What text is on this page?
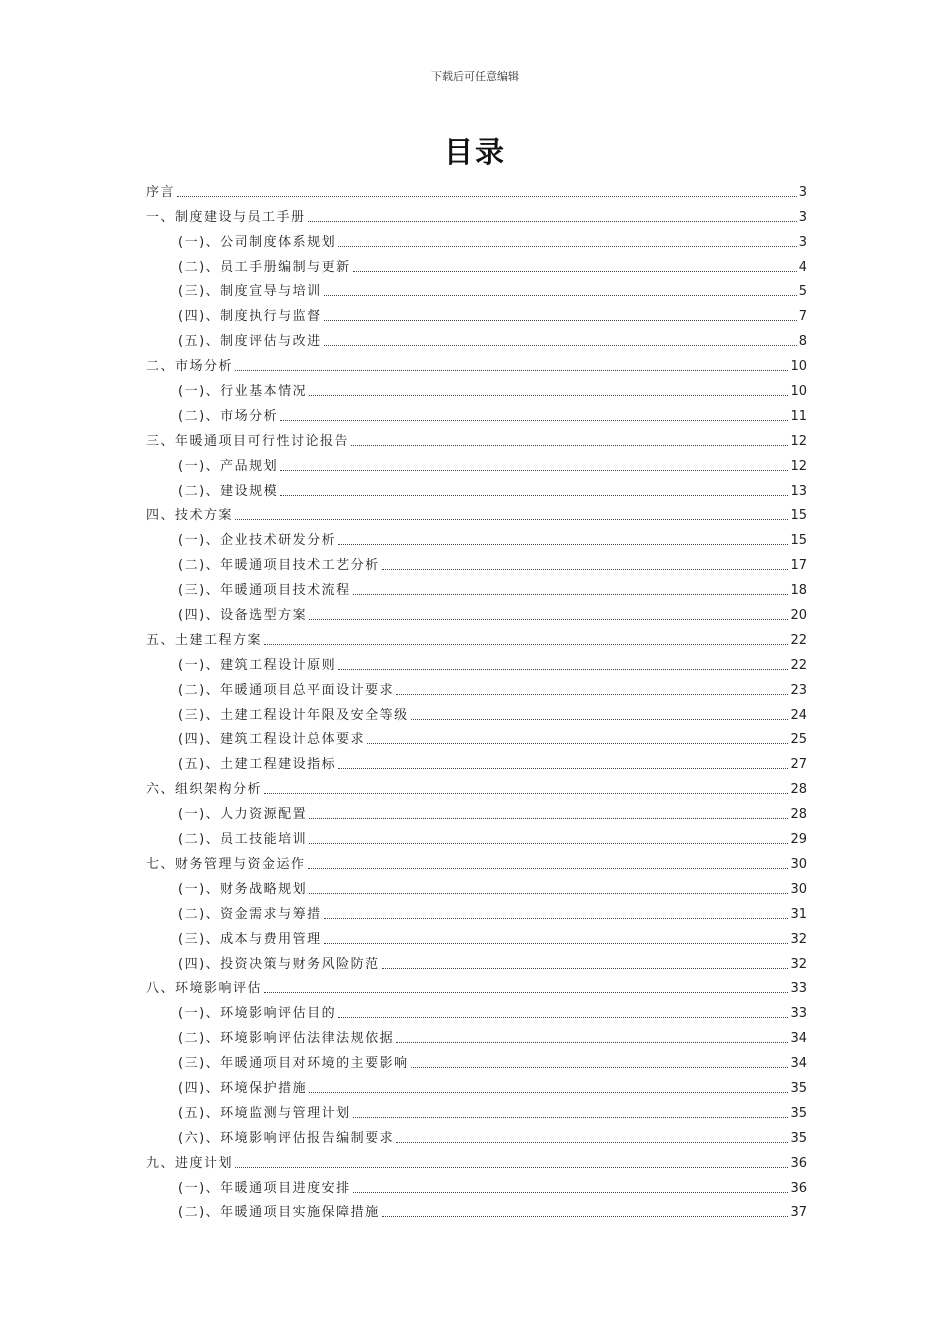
下载后可任意编辑
目录
序言	3
一、制度建设与员工手册	3
(一)、公司制度体系规划	3
(二)、员工手册编制与更新	4
(三)、制度宣导与培训	5
(四)、制度执行与监督	7
(五)、制度评估与改进	8
二、市场分析	10
(一)、行业基本情况	10
(二)、市场分析	11
三、年暖通项目可行性讨论报告	12
(一)、产品规划	12
(二)、建设规模	13
四、技术方案	15
(一)、企业技术研发分析	15
(二)、年暖通项目技术工艺分析	17
(三)、年暖通项目技术流程	18
(四)、设备选型方案	20
五、土建工程方案	22
(一)、建筑工程设计原则	22
(二)、年暖通项目总平面设计要求	23
(三)、土建工程设计年限及安全等级	24
(四)、建筑工程设计总体要求	25
(五)、土建工程建设指标	27
六、组织架构分析	28
(一)、人力资源配置	28
(二)、员工技能培训	29
七、财务管理与资金运作	30
(一)、财务战略规划	30
(二)、资金需求与筹措	31
(三)、成本与费用管理	32
(四)、投资决策与财务风险防范	32
八、环境影响评估	33
(一)、环境影响评估目的	33
(二)、环境影响评估法律法规依据	34
(三)、年暖通项目对环境的主要影响	34
(四)、环境保护措施	35
(五)、环境监测与管理计划	35
(六)、环境影响评估报告编制要求	35
九、进度计划	36
(一)、年暖通项目进度安排	36
(二)、年暖通项目实施保障措施	37
